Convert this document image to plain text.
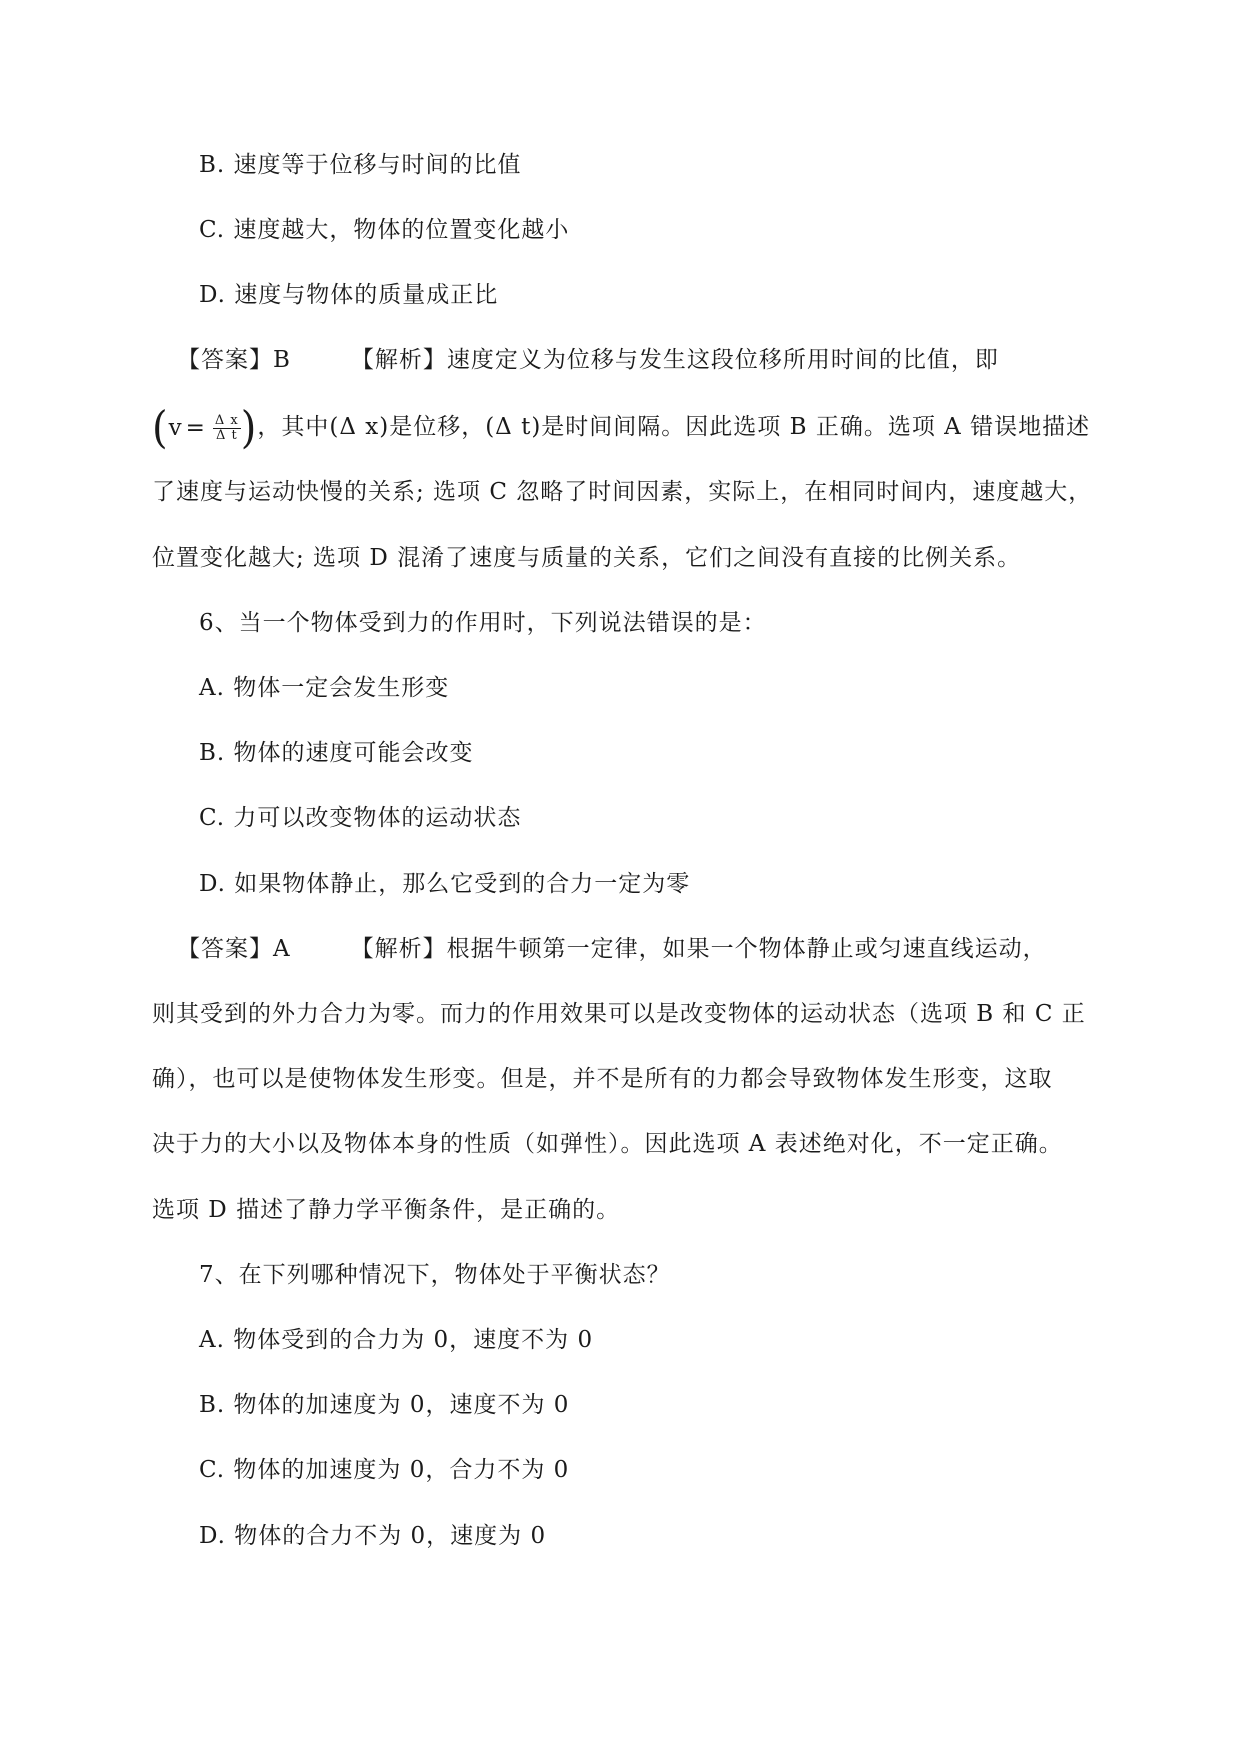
B. 速度等于位移与时间的比值
C. 速度越大，物体的位置变化越小
D. 速度与物体的质量成正比
【答案】B	【解析】速度定义为位移与发生这段位移所用时间的比值，即
( $v = \frac{\text{Δ x}}{\text{Δ t}}$ ) ，其中(Δ x)是位移，(Δ t)是时间间隔。因此选项 B 正确。选项 A 错误地描述
了速度与运动快慢的关系; 选项 C 忽略了时间因素，实际上，在相同时间内，速度越大，
位置变化越大; 选项 D 混淆了速度与质量的关系，它们之间没有直接的比例关系。
6、当一个物体受到力的作用时，下列说法错误的是：
A. 物体一定会发生形变
B. 物体的速度可能会改变
C. 力可以改变物体的运动状态
D. 如果物体静止，那么它受到的合力一定为零
【答案】A	【解析】根据牛顿第一定律，如果一个物体静止或匀速直线运动，
则其受到的外力合力为零。而力的作用效果可以是改变物体的运动状态（选项 B 和 C 正
确），也可以是使物体发生形变。但是，并不是所有的力都会导致物体发生形变，这取
决于力的大小以及物体本身的性质（如弹性）。因此选项 A 表述绝对化，不一定正确。
选项 D 描述了静力学平衡条件，是正确的。
7、在下列哪种情况下，物体处于平衡状态？
A. 物体受到的合力为 0，速度不为 0
B. 物体的加速度为 0，速度不为 0
C. 物体的加速度为 0，合力不为 0
D. 物体的合力不为 0，速度为 0
